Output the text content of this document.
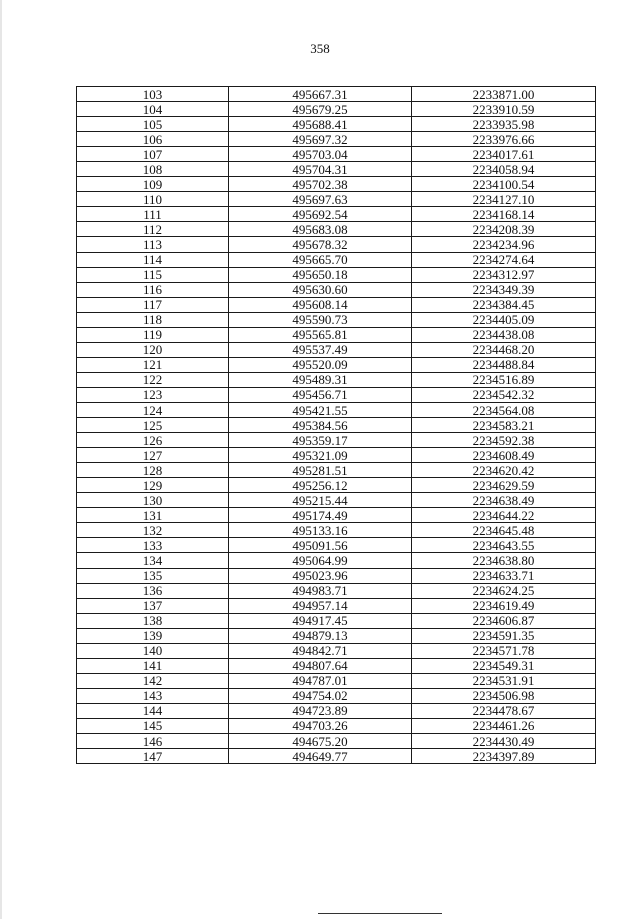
358
103	495667.31	2233871.00
104	495679.25	2233910.59
105	495688.41	2233935.98
106	495697.32	2233976.66
107	495703.04	2234017.61
108	495704.31	2234058.94
109	495702.38	2234100.54
110	495697.63	2234127.10
111	495692.54	2234168.14
112	495683.08	2234208.39
113	495678.32	2234234.96
114	495665.70	2234274.64
115	495650.18	2234312.97
116	495630.60	2234349.39
117	495608.14	2234384.45
118	495590.73	2234405.09
119	495565.81	2234438.08
120	495537.49	2234468.20
121	495520.09	2234488.84
122	495489.31	2234516.89
123	495456.71	2234542.32
124	495421.55	2234564.08
125	495384.56	2234583.21
126	495359.17	2234592.38
127	495321.09	2234608.49
128	495281.51	2234620.42
129	495256.12	2234629.59
130	495215.44	2234638.49
131	495174.49	2234644.22
132	495133.16	2234645.48
133	495091.56	2234643.55
134	495064.99	2234638.80
135	495023.96	2234633.71
136	494983.71	2234624.25
137	494957.14	2234619.49
138	494917.45	2234606.87
139	494879.13	2234591.35
140	494842.71	2234571.78
141	494807.64	2234549.31
142	494787.01	2234531.91
143	494754.02	2234506.98
144	494723.89	2234478.67
145	494703.26	2234461.26
146	494675.20	2234430.49
147	494649.77	2234397.89
